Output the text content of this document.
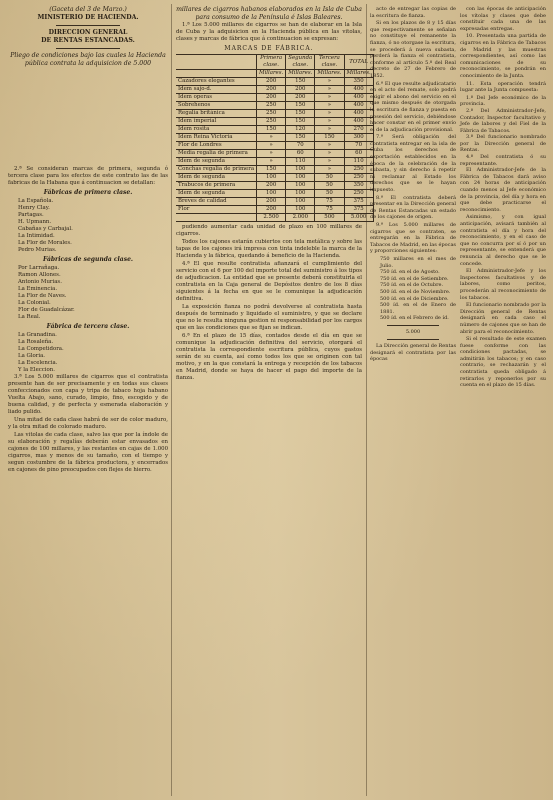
(Gaceta del 3 de Marzo.)
MINISTERIO DE HACIENDA.
DIRECCION GENERAL
DE RENTAS ESTANCADAS.
Pliego de condiciones bajo las cuales la Hacienda pública contrata la adquisicion de 5.000

2.ª Se consideran marcas de primera, segunda ó tercera clase para los efectos de este contrato las de las fabricas de la Habana que á continuacion se detallan:

Fábricas de primera clase.
La Española.
Henry Clay.
Partagas.
H. Upmann.
Cabañas y Carbajal.
La Intimidad.
La Flor de Morales.
Pedro Murias.
Fábricas de segunda clase.
Por Larrañaga.
Ramon Allones.
Antonio Murias.
La Eminencia.
La Flor de Naves.
La Colonial.
Flor de Guadalcázar.
La Real.
Fábrica de tercera clase.
La Granadina.
La Rosaleña.
La Competidora.
La Gloria.
La Escelencia.
Y la Eleccion.

3.ª Los 5.000 millares de cigarros que el contratista presente han de ser precisamente y en todas sus clases confeccionados con capa y tripa de tabaco hoja habano Vuelta Abajo, sano, curado, limpio, fino, escogido y de buena calidad, y de perfecta y esmerada elaboración y liado pulido.

Una mitad de cada clase habrá de ser de color maduro, y la otra mitad de colorado maduro.

Las vitolas de cada clase, salvo las que por la índole de su elaboración y regalías deberán estar envasados en cajones de 100 millares, y las restantes en cajas de 1.000 cigarros, mas y menos de su tamaño, con el tiempo y segun costumbre de la fábrica productora, y encerrados en cajones de pino preocupados con flejes de hierro.

millares de cigarros habanos elaborados en la Isla de Cuba para consumo de la Península é Islas Baleares.

1.ª Los 5.000 millares de cigarros se han de elaborar en la Isla de Cuba y la adquisicion en la Hacienda pública en las vitolas, clases y marcas de fábrica que á continuacion se expresan:

MARCAS DE FÁBRICA.
	Primera clase.	Segunda clase.	Tercera clase.	TOTAL
	Millares.	Millares.	Millares.	Millares.
Cazadores elegantes	200	150	»	350
Idem sajo-d.	200	200	»	400
Idem operas	200	200	»	400
Sobrehenos	250	150	»	400
Regalia británica	250	150	»	400
Idem imperial	250	150	»	400
Idem rosita	150	120	»	270
Idem Reina Victoria	»	150	150	300
Flor de Londres	»	70	»	70
Media regalia de primera	»	60	»	60
Idem de segunda	»	110	»	110
Conchas regalia de primera	150	100	»	250
Idem de segunda	100	100	50	250
Trabucos de primera	200	100	50	350
Idem de segunda	100	100	50	250
Breves de calidad	200	100	75	375
Flor	200	100	75	375
	2.500	2.000	500	5.000

pudiendo aumentar cada unidad de plazo en 100 millares de cigarros.

Todos los cajones estarán cubiertos con tela metálica y sobre las tapas de los cajones irá impresa con tinta indeleble la marca de la Hacienda y la fábrica, quedando á beneficio de la Hacienda.

4.ª El que resulte contratista afianzará el cumplimiento del servicio con el 6 por 100 del importe total del suministro á los tipos de adjudicacion. La entidad que se presente deberá constituirla el contratista en la Caja general de Depósitos dentro de los 8 días siguientes á la fecha en que se le comunique la adjudicación definitiva.

La exposición fianza no podrá devolverse al contratista hasta después de terminado y liquidado el suministro, y que se declare que no le resulta ninguna gestion ni responsabilidad por los cargos que en las condiciones que se fijan se indican.

6.ª En el plazo de 15 días, contados desde el día en que se comunique la adjudicación definitiva del servicio, otorgará el contratista la correspondiente escritura pública, cuyos gastos serán de su cuenta, así como todos los que se originen con tal motivo, y en la que constará la entrega y recepción de los tabacos en Madrid, donde se haya de hacer el pago del importe de la fianza.

acto de entregar las copias de la escritura de fianza.

Si en los plazos de 8 y 15 días que respectivamente se señalan no constituye el remanente la fianza, ó no otorgase la escritura, se procederá á nueva subasta, perderá la fianza el contratista, conforme al artículo 5.º del Real decreto de 27 de Febrero de 1852.

6.ª El que resulte adjudicatario en el acto del remate, solo podrá exigir el abono del servicio en el que mismo después de otorgada la escritura de fianza y puesta en posesión del servicio, debiéndose hacer constar en el primer envío el de la adjudicación provisional.

7.ª Será obligación del contratista entregar en la isla de Cuba los derechos de exportación establecidos en la época de la celebración de la subasta, y sin derecho á repetir ni reclamar al Estado los derechos que se le hayan impuesto.

8.ª El contratista deberá presentar en la Dirección general de Rentas Estancadas un estado de los cajones de origen.

9.ª Los 5.000 millares de cigarros que se contraten, se entregarán en la Fábrica de Tabacos de Madrid, en las épocas y proporciones siguientes:

750 millares en el mes de Julio.
750 íd. en el de Agosto.
750 íd. en el de Setiembre.
750 íd. en el de Octubre.
500 íd. en el de Noviembre.
500 íd. en el de Diciembre.
500 íd. en el de Enero de 1881.
500 íd. en el Febrero de íd.
5.000

La Dirección general de Rentas designará el contratista por las épocas

con las épocas de anticipación los vitolas y clases que debe constituir cada una de las expresadas entregas.

10. Presentada una partida de cigarros en la Fábrica de Tabacos de Madrid y las muestras correspondientes, así como las comunicaciones de su reconocimiento, se pondrán en conocimiento de la Junta.

11. Esta operación tendrá lugar ante la Junta compuesta:

1.º Del Jefe económico de la provincia.
2.º Del Administrador-Jefe, Contador, Inspector facultativo y Jefe de labores y del Fiel de la Fábrica de Tabacos.
3.º Del funcionario nombrado por la Dirección general de Rentas.
4.º Del contratista ó su representante.

El Administrador-Jefe de la Fábrica de Tabacos dará aviso con 24 horas de anticipación cuando menos al Jefe económico de la provincia, del día y hora en que debe practicarse el reconocimiento.

Asimismo, y con igual anticipación, avisará también al contratista el día y hora del reconocimiento, y en el caso de que no concurra por sí ó por un representante, se entenderá que renuncia al derecho que se le concede.

El Administrador-Jefe y los Inspectores facultativos y de labores, como peritos, procederán al reconocimiento de los tabacos.

El funcionario nombrado por la Dirección general de Rentas designará en cada caso el número de cajones que se han de abrir para el reconocimiento.

Si el resultado de este examen fuese conforme con las condiciones pactadas, se admitirán los tabacos; y en caso contrario, se rechazarán y el contratista queda obligado á retirarlos y reponerlos por su cuenta en el plazo de 15 días.
